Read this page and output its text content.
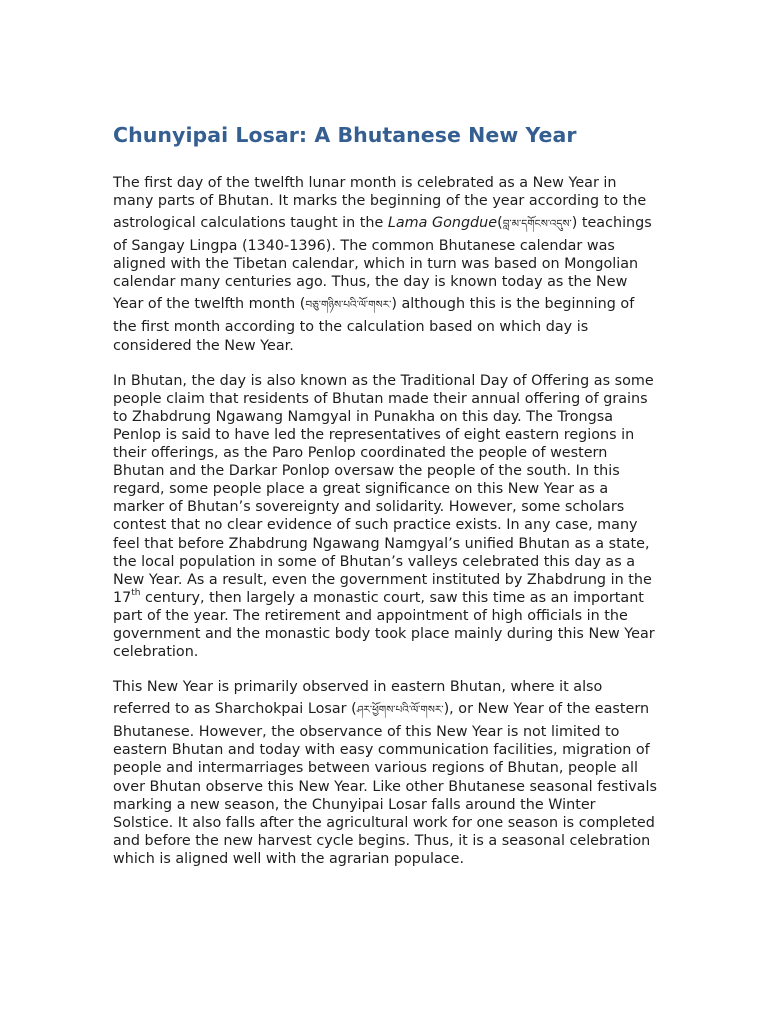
Chunyipai Losar: A Bhutanese New Year

The first day of the twelfth lunar month is celebrated as a New Year in many parts of Bhutan. It marks the beginning of the year according to the astrological calculations taught in the Lama Gongdue(བླ་མ་དགོངས་འདུས་) teachings of Sangay Lingpa (1340-1396). The common Bhutanese calendar was aligned with the Tibetan calendar, which in turn was based on Mongolian calendar many centuries ago. Thus, the day is known today as the New Year of the twelfth month (བཅུ་གཉིས་པའི་ལོ་གསར་) although this is the beginning of the first month according to the calculation based on which day is considered the New Year.

In Bhutan, the day is also known as the Traditional Day of Offering as some people claim that residents of Bhutan made their annual offering of grains to Zhabdrung Ngawang Namgyal in Punakha on this day. The Trongsa Penlop is said to have led the representatives of eight eastern regions in their offerings, as the Paro Penlop coordinated the people of western Bhutan and the Darkar Ponlop oversaw the people of the south. In this regard, some people place a great significance on this New Year as a marker of Bhutan’s sovereignty and solidarity. However, some scholars contest that no clear evidence of such practice exists. In any case, many feel that before Zhabdrung Ngawang Namgyal’s unified Bhutan as a state, the local population in some of Bhutan’s valleys celebrated this day as a New Year. As a result, even the government instituted by Zhabdrung in the 17th century, then largely a monastic court, saw this time as an important part of the year. The retirement and appointment of high officials in the government and the monastic body took place mainly during this New Year celebration.

This New Year is primarily observed in eastern Bhutan, where it also referred to as Sharchokpai Losar (ཤར་ཕྱོགས་པའི་ལོ་གསར་), or New Year of the eastern Bhutanese. However, the observance of this New Year is not limited to eastern Bhutan and today with easy communication facilities, migration of people and intermarriages between various regions of Bhutan, people all over Bhutan observe this New Year. Like other Bhutanese seasonal festivals marking a new season, the Chunyipai Losar falls around the Winter Solstice. It also falls after the agricultural work for one season is completed and before the new harvest cycle begins. Thus, it is a seasonal celebration which is aligned well with the agrarian populace.
